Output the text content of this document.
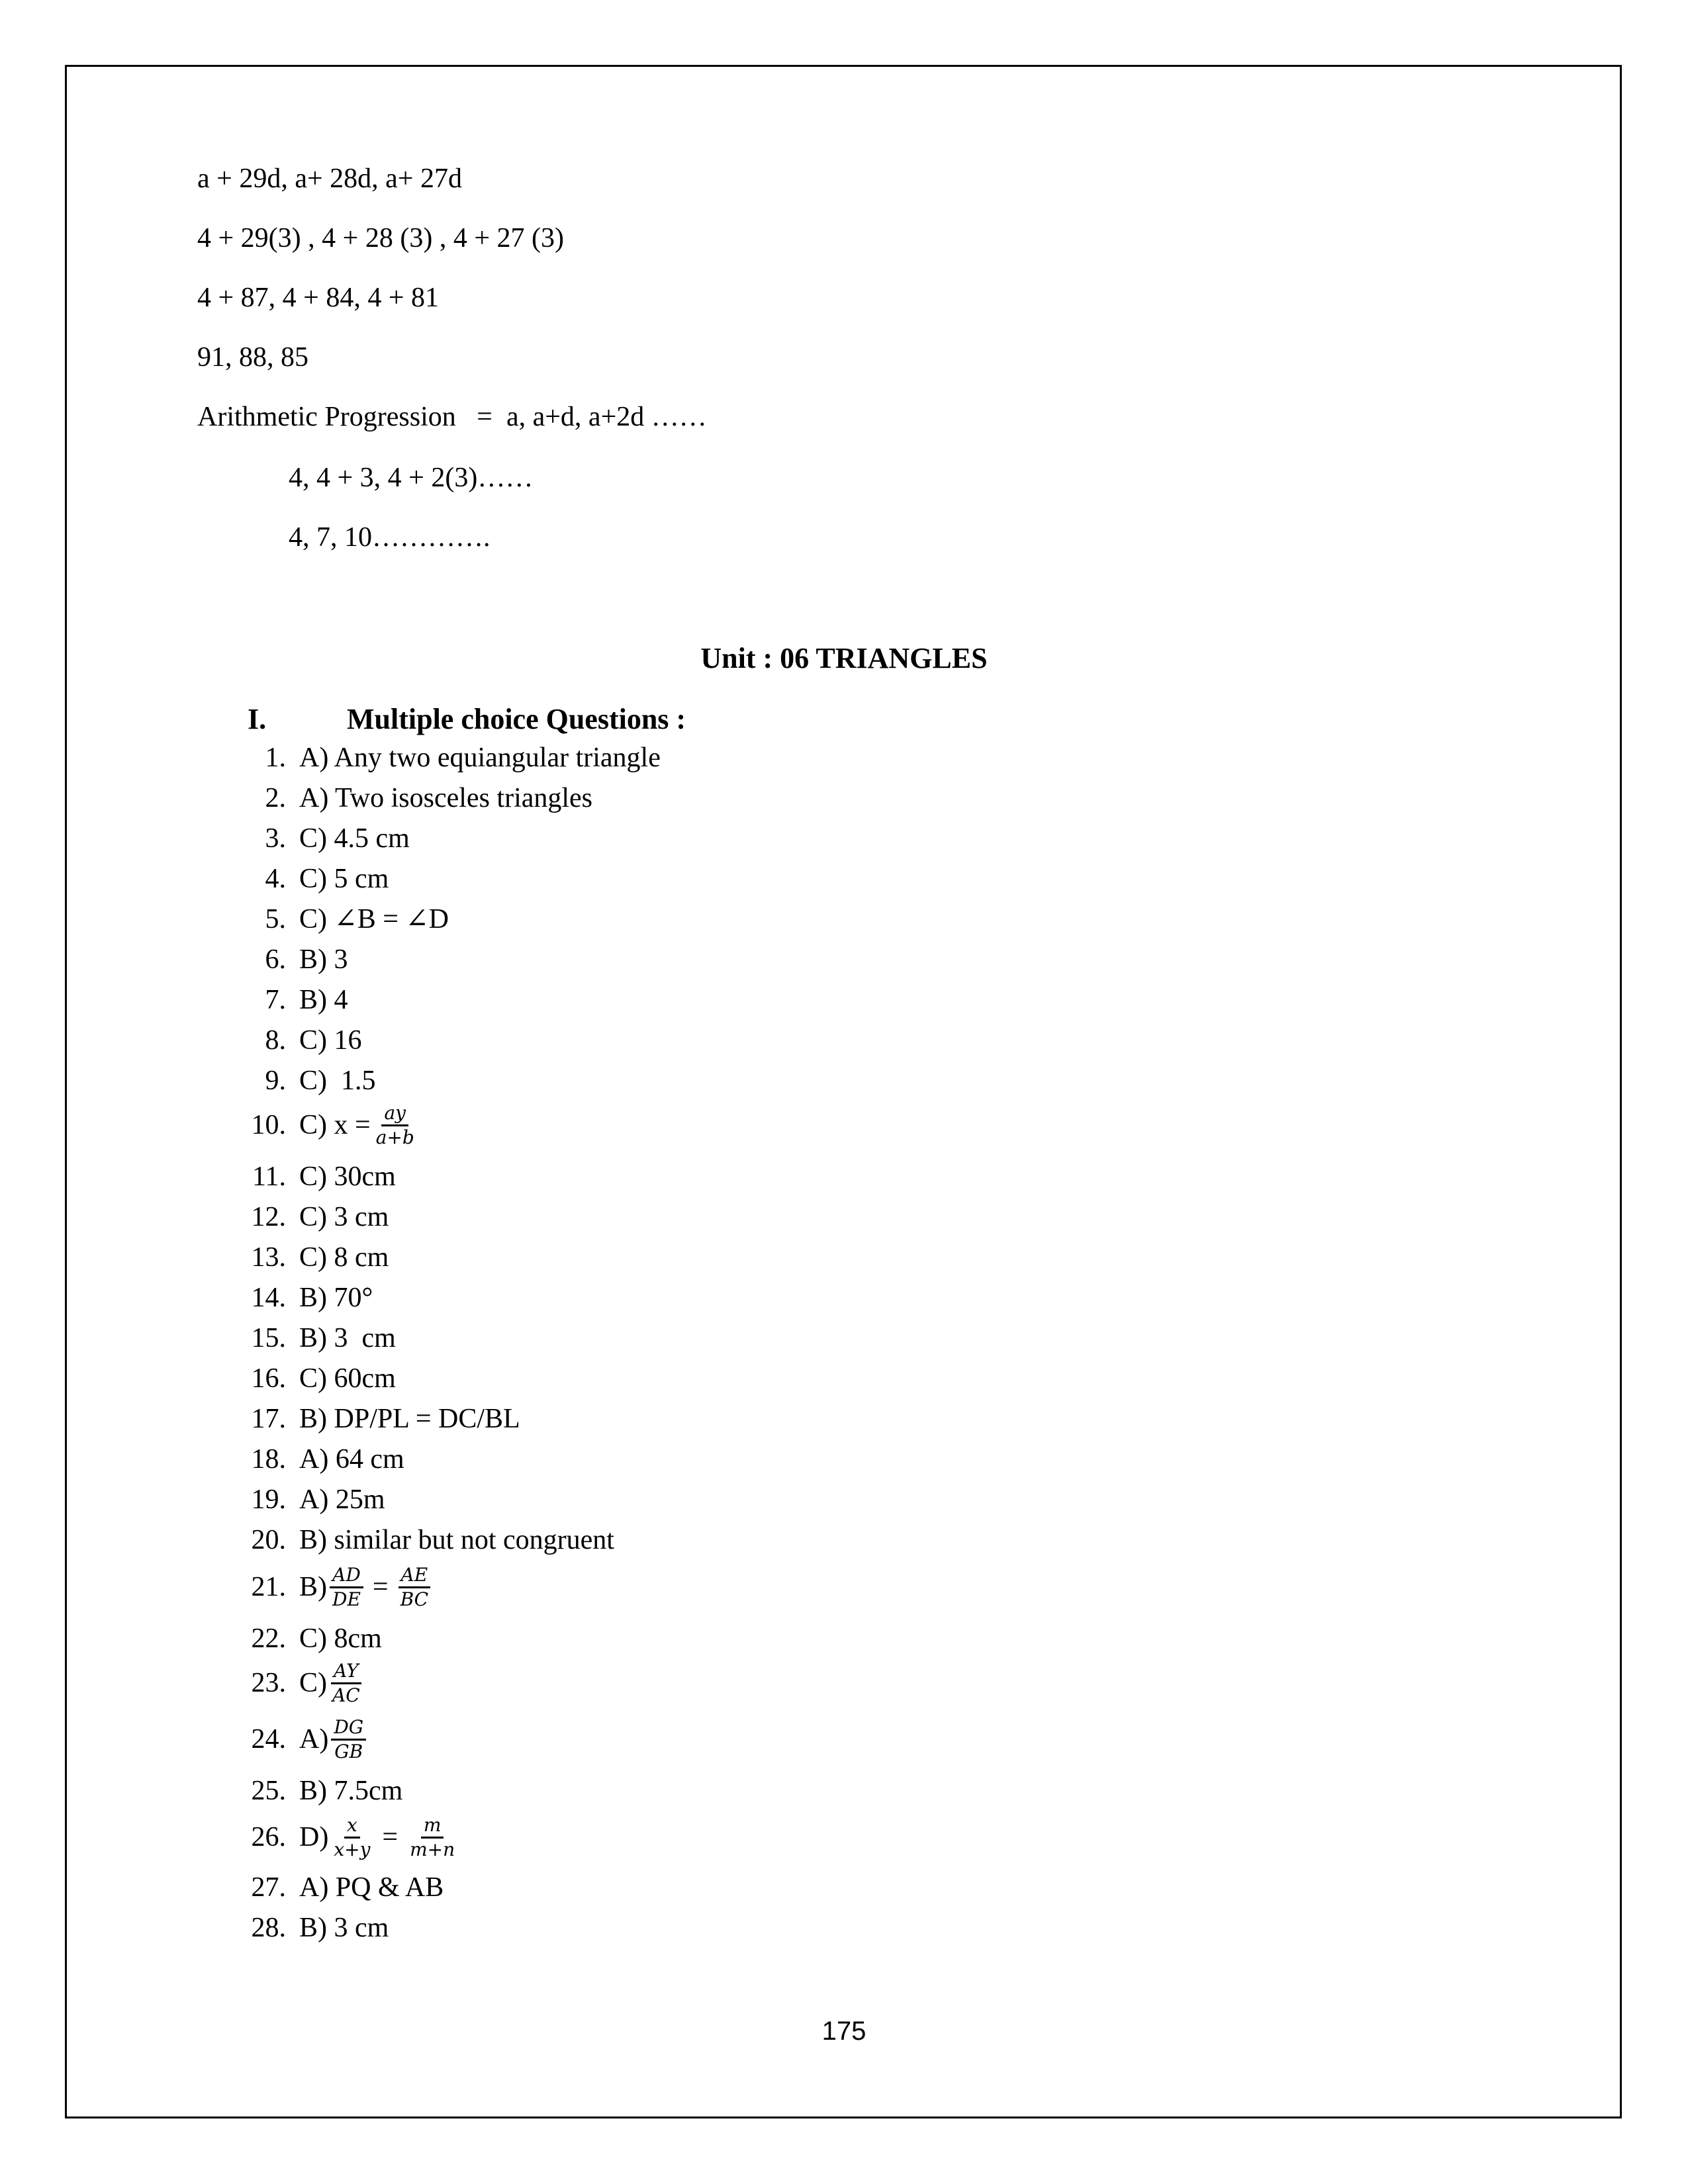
a + 29d, a+ 28d, a+ 27d
4 + 29(3) , 4 + 28 (3) , 4 + 27 (3)
4 + 87, 4 + 84, 4 + 81
91, 88, 85
Arithmetic Progression   =  a, a+d, a+2d ……
4, 4 + 3, 4 + 2(3)……
4, 7, 10………….
Unit : 06 TRIANGLES
I.	Multiple choice Questions :
1. A) Any two equiangular triangle
2. A) Two isosceles triangles
3. C) 4.5 cm
4. C) 5 cm
5. C) ∠B = ∠D
6. B) 3
7. B) 4
8. C) 16
9. C)  1.5
10. C) $x = \frac{ay}{a+b}$
11. C) 30cm
12. C) 3 cm
13. C) 8 cm
14. B) 70°
15. B) 3  cm
16. C) 60cm
17. B) DP/PL = DC/BL
18. A) 64 cm
19. A) 25m
20. B) similar but not congruent
21. $B) \frac{AD}{DE} = \frac{AE}{BC}$
22. C) 8cm
23. $C) \frac{AY}{AC}$
24. $A) \frac{DG}{GB}$
25. B) 7.5cm
26. $D) \frac{x}{x+y} = \frac{m}{m+n}$
27. A) PQ & AB
28. B) 3 cm
175
